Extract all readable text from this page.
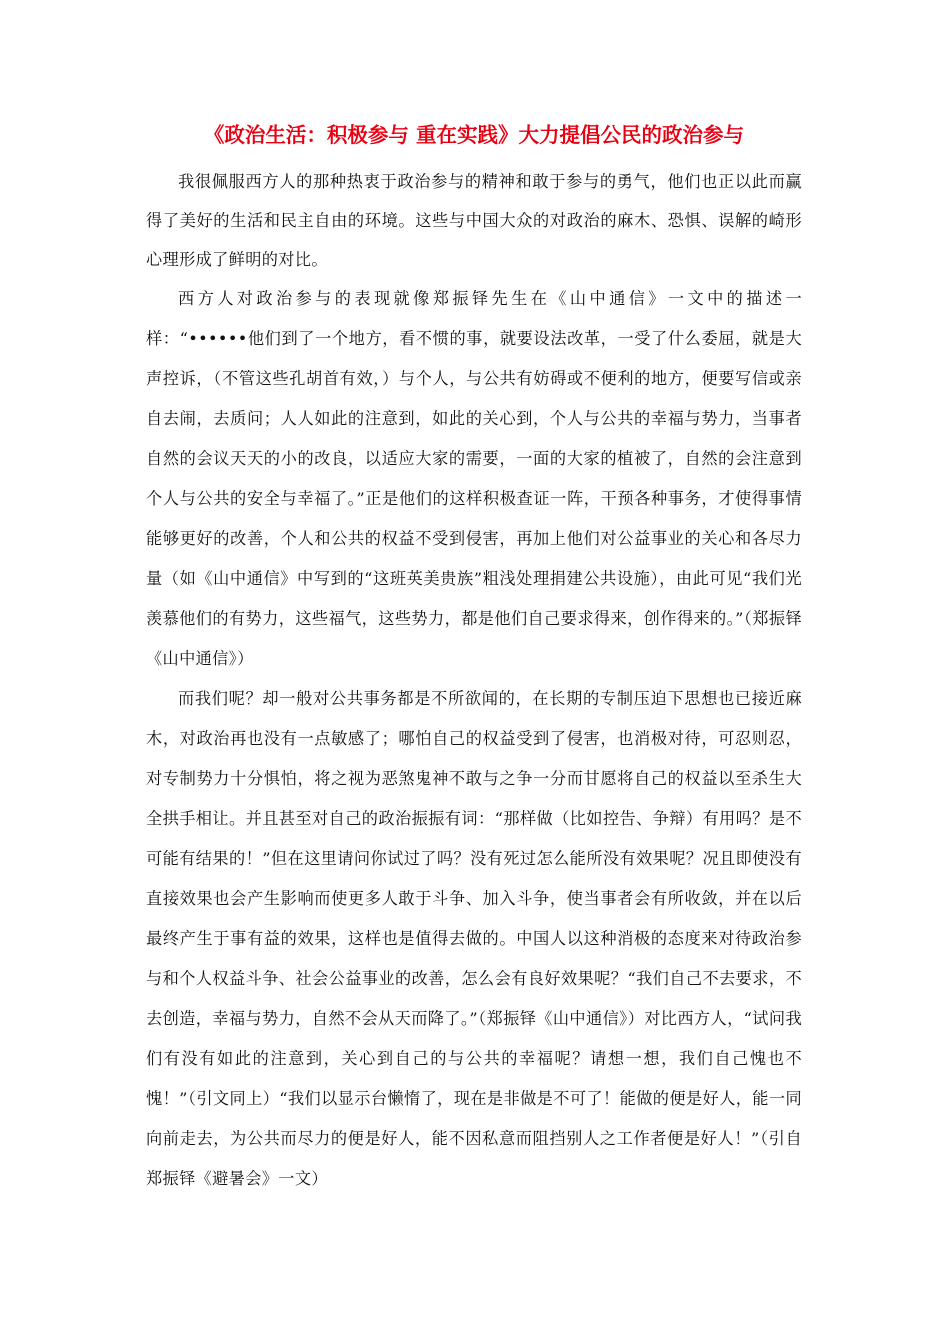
《政治生活：积极参与 重在实践》大力提倡公民的政治参与

我很佩服西方人的那种热衷于政治参与的精神和敢于参与的勇气，他们也正以此而赢得了美好的生活和民主自由的环境。这些与中国大众的对政治的麻木、恐惧、误解的崎形心理形成了鲜明的对比。

西方人对政治参与的表现就像郑振铎先生在《山中通信》一文中的描述一样：“••••••他们到了一个地方，看不惯的事，就要设法改革，一受了什么委屈，就是大声控诉，（不管这些孔胡首有效，）与个人，与公共有妨碍或不便利的地方，便要写信或亲自去闹，去质问；人人如此的注意到，如此的关心到，个人与公共的幸福与势力，当事者自然的会议天天的小的改良，以适应大家的需要，一面的大家的植被了，自然的会注意到个人与公共的安全与幸福了。”正是他们的这样积极查证一阵，干预各种事务，才使得事情能够更好的改善，个人和公共的权益不受到侵害，再加上他们对公益事业的关心和各尽力量（如《山中通信》中写到的“这班英美贵族”粗浅处理捐建公共设施），由此可见“我们光羡慕他们的有势力，这些福气，这些势力，都是他们自己要求得来，创作得来的。”（郑振铎《山中通信》）

而我们呢？却一般对公共事务都是不所欲闻的，在长期的专制压迫下思想也已接近麻木，对政治再也没有一点敏感了；哪怕自己的权益受到了侵害，也消极对待，可忍则忍，对专制势力十分惧怕，将之视为恶煞鬼神不敢与之争一分而甘愿将自己的权益以至杀生大全拱手相让。并且甚至对自己的政治振振有词：“那样做（比如控告、争辩）有用吗？是不可能有结果的！”但在这里请问你试过了吗？没有死过怎么能所没有效果呢？况且即使没有直接效果也会产生影响而使更多人敢于斗争、加入斗争，使当事者会有所收敛，并在以后最终产生于事有益的效果，这样也是值得去做的。中国人以这种消极的态度来对待政治参与和个人权益斗争、社会公益事业的改善，怎么会有良好效果呢？“我们自己不去要求，不去创造，幸福与势力，自然不会从天而降了。”（郑振铎《山中通信》）对比西方人，“试问我们有没有如此的注意到，关心到自己的与公共的幸福呢？请想一想，我们自己愧也不愧！”（引文同上）“我们以显示台懒惰了，现在是非做是不可了！能做的便是好人，能一同向前走去，为公共而尽力的便是好人，能不因私意而阻挡别人之工作者便是好人！”（引自郑振铎《避暑会》一文）
